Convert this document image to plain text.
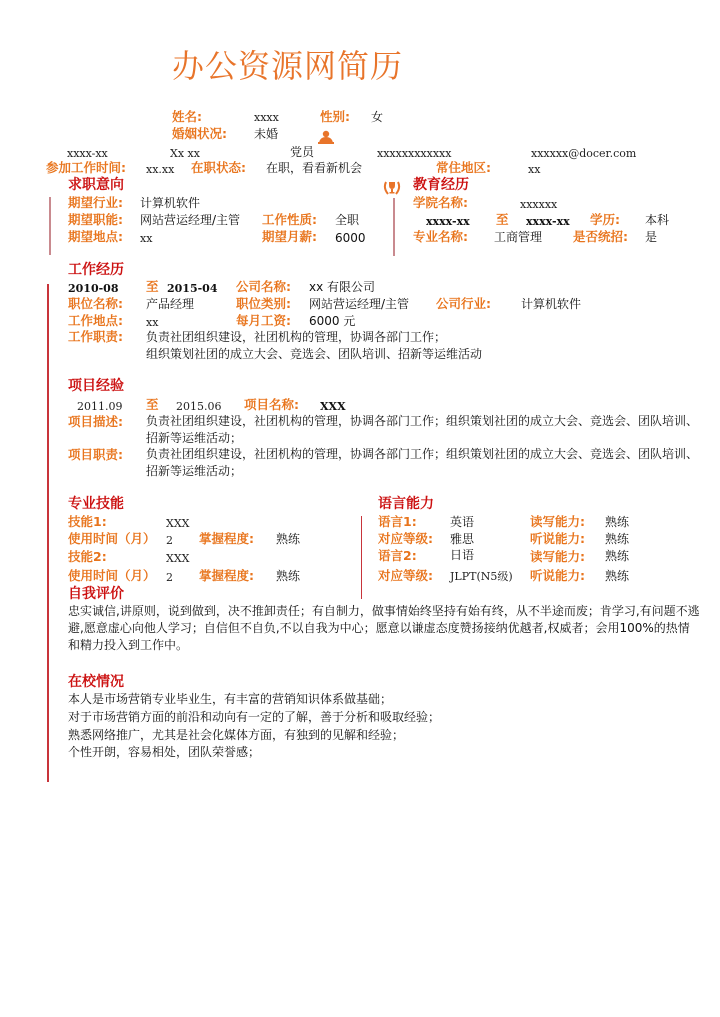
办公资源网简历
姓名:	xxxx	性别: 女
婚姻状况: 未婚
xxxx-xx	Xx xx	党员	xxxxxxxxxxxx	xxxxxx@docer.com
参加工作时间: xx.xx 在职状态: 在职，看看新机会	常住地区:	xx
求职意向
期望行业: 计算机软件
期望职能: 网站营运经理/主管 工作性质: 全职
期望地点: xx	期望月薪: 6000
教育经历
学院名称:	xxxxxx
xxxx-xx 至 xxxx-xx 学历: 本科
专业名称: 工商管理 是否统招: 是
工作经历
2010-08 至 2015-04 公司名称: xx 有限公司
职位名称: 产品经理	职位类别: 网站营运经理/主管 公司行业:	计算机软件
工作地点: xx	每月工资: 6000 元
工作职责: 负责社团组织建设，社团机构的管理，协调各部门工作；
组织策划社团的成立大会、竞选会、团队培训、招新等运维活动
项目经验
2011.09 至 2015.06 项目名称: XXX
项目描述: 负责社团组织建设，社团机构的管理，协调各部门工作；组织策划社团的成立大会、竞选会、团队培训、招新等运维活动；
项目职责: 负责社团组织建设，社团机构的管理，协调各部门工作；组织策划社团的成立大会、竞选会、团队培训、招新等运维活动；
专业技能
技能1:	XXX
使用时间（月） 2 掌握程度: 熟练
技能2:	XXX
使用时间（月） 2 掌握程度: 熟练
语言能力
语言1:	英语	读写能力: 熟练
对应等级: 雅思	听说能力: 熟练
语言2:	日语	读写能力: 熟练
对应等级: JLPT(N5级) 听说能力: 熟练
自我评价
忠实诚信,讲原则，说到做到，决不推卸责任；有自制力，做事情始终坚持有始有终，从不半途而废；肯学习,有问题不逃避,愿意虚心向他人学习；自信但不自负,不以自我为中心；愿意以谦虚态度赞扬接纳优越者,权威者；会用100%的热情和精力投入到工作中。
在校情况
本人是市场营销专业毕业生，有丰富的营销知识体系做基础；
对于市场营销方面的前沿和动向有一定的了解，善于分析和吸取经验；
熟悉网络推广，尤其是社会化媒体方面，有独到的见解和经验；
个性开朗，容易相处，团队荣誉感；
